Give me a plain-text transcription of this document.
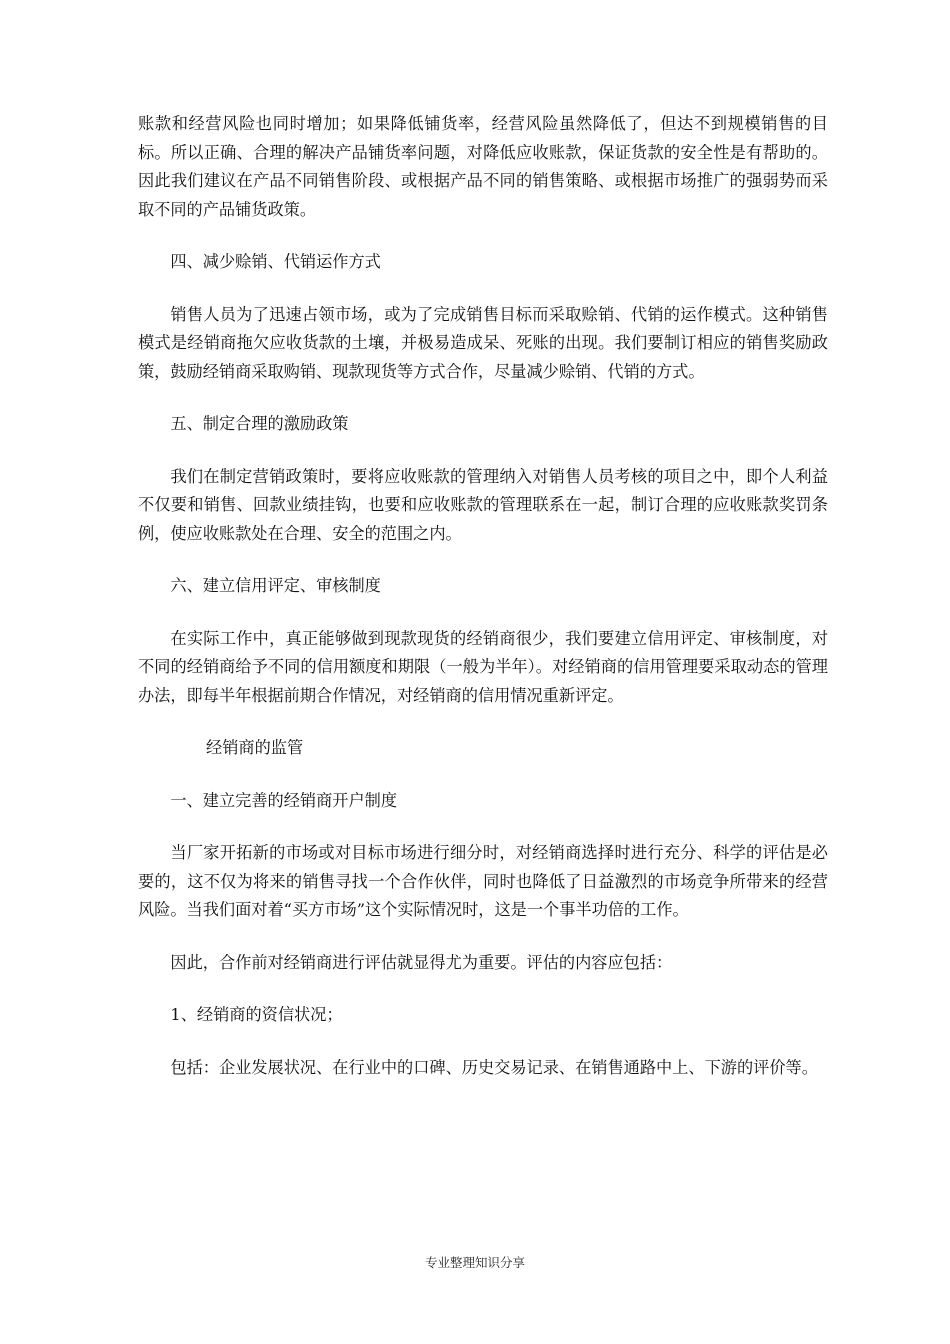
账款和经营风险也同时增加；如果降低铺货率，经营风险虽然降低了，但达不到规模销售的目标。所以正确、合理的解决产品铺货率问题，对降低应收账款，保证货款的安全性是有帮助的。因此我们建议在产品不同销售阶段、或根据产品不同的销售策略、或根据市场推广的强弱势而采取不同的产品铺货政策。

四、减少赊销、代销运作方式

销售人员为了迅速占领市场，或为了完成销售目标而采取赊销、代销的运作模式。这种销售模式是经销商拖欠应收货款的土壤，并极易造成呆、死账的出现。我们要制订相应的销售奖励政策，鼓励经销商采取购销、现款现货等方式合作，尽量减少赊销、代销的方式。

五、制定合理的激励政策

我们在制定营销政策时，要将应收账款的管理纳入对销售人员考核的项目之中，即个人利益不仅要和销售、回款业绩挂钩，也要和应收账款的管理联系在一起，制订合理的应收账款奖罚条例，使应收账款处在合理、安全的范围之内。

六、建立信用评定、审核制度

在实际工作中，真正能够做到现款现货的经销商很少，我们要建立信用评定、审核制度，对不同的经销商给予不同的信用额度和期限（一般为半年）。对经销商的信用管理要采取动态的管理办法，即每半年根据前期合作情况，对经销商的信用情况重新评定。

经销商的监管

一、建立完善的经销商开户制度

当厂家开拓新的市场或对目标市场进行细分时，对经销商选择时进行充分、科学的评估是必要的，这不仅为将来的销售寻找一个合作伙伴，同时也降低了日益激烈的市场竞争所带来的经营风险。当我们面对着“买方市场”这个实际情况时，这是一个事半功倍的工作。

因此，合作前对经销商进行评估就显得尤为重要。评估的内容应包括：

1、经销商的资信状况；

包括：企业发展状况、在行业中的口碑、历史交易记录、在销售通路中上、下游的评价等。

专业整理知识分享
